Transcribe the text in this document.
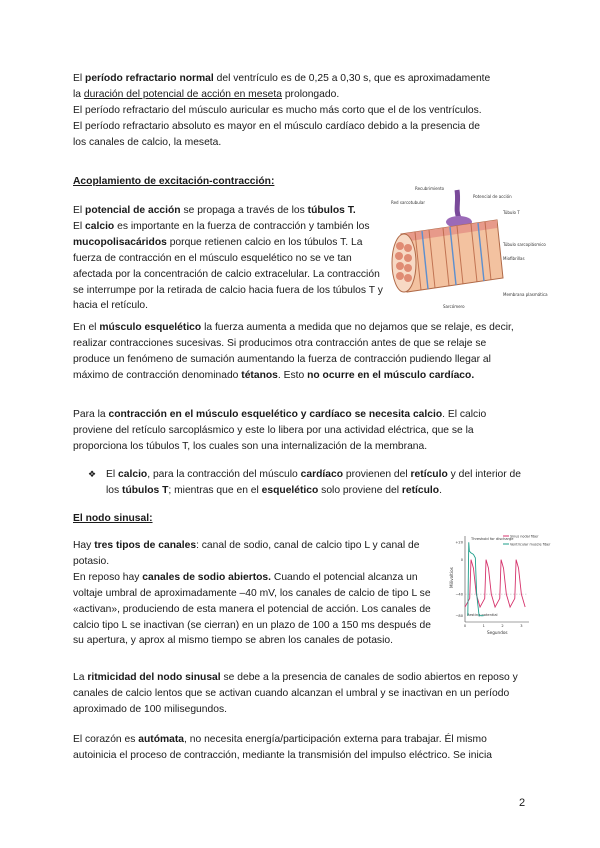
El período refractario normal del ventrículo es de 0,25 a 0,30 s, que es aproximadamente

la duración del potencial de acción en meseta prolongado.

El período refractario del músculo auricular es mucho más corto que el de los ventrículos.

El período refractario absoluto es mayor en el músculo cardíaco debido a la presencia de

los canales de calcio, la meseta.

Acoplamiento de excitación-contracción:
El potencial de acción se propaga a través de los túbulos T.
El calcio es importante en la fuerza de contracción y también los mucopolisacáridos porque retienen calcio en los túbulos T. La fuerza de contracción en el músculo esquelético no se ve tan afectada por la concentración de calcio extracelular. La contracción se interrumpe por la retirada de calcio hacia fuera de los túbulos T y hacia el retículo.
Recubrimiento
Potencial de acción
Red sarcotubular
Túbulo T
Túbulo sarcoplásmico
Miofibrillas
Membrana plasmática
Sarcómero
En el músculo esquelético la fuerza aumenta a medida que no dejamos que se relaje, es decir, realizar contracciones sucesivas. Si producimos otra contracción antes de que se relaje se produce un fenómeno de sumación aumentando la fuerza de contracción pudiendo llegar al máximo de contracción denominado tétanos. Esto no ocurre en el músculo cardíaco.
Para la contracción en el músculo esquelético y cardíaco se necesita calcio. El calcio proviene del retículo sarcoplásmico y este lo libera por una actividad eléctrica, que se la proporciona los túbulos T, los cuales son una internalización de la membrana.
❖ El calcio, para la contracción del músculo cardíaco provienen del retículo y del interior de los túbulos T; mientras que en el esquelético solo proviene del retículo.
El nodo sinusal:
Hay tres tipos de canales: canal de sodio, canal de calcio tipo L y canal de potasio.
En reposo hay canales de sodio abiertos. Cuando el potencial alcanza un voltaje umbral de aproximadamente –40 mV, los canales de calcio de tipo L se «activan», produciendo de esta manera el potencial de acción. Los canales de calcio tipo L se inactivan (se cierran) en un plazo de 100 a 150 ms después de su apertura, y aprox al mismo tiempo se abren los canales de potasio.
Milivoltios
Segundos
Threshold for discharge
Resting potential
Sinus nodal fiber
Ventricular muscle fiber
+20
0
−40
−80
0	1	2	3
La ritmicidad del nodo sinusal se debe a la presencia de canales de sodio abiertos en reposo y canales de calcio lentos que se activan cuando alcanzan el umbral y se inactivan en un período aproximado de 100 milisegundos.
El corazón es autómata, no necesita energía/participación externa para trabajar. Él mismo autoinicia el proceso de contracción, mediante la transmisión del impulso eléctrico. Se inicia
2
